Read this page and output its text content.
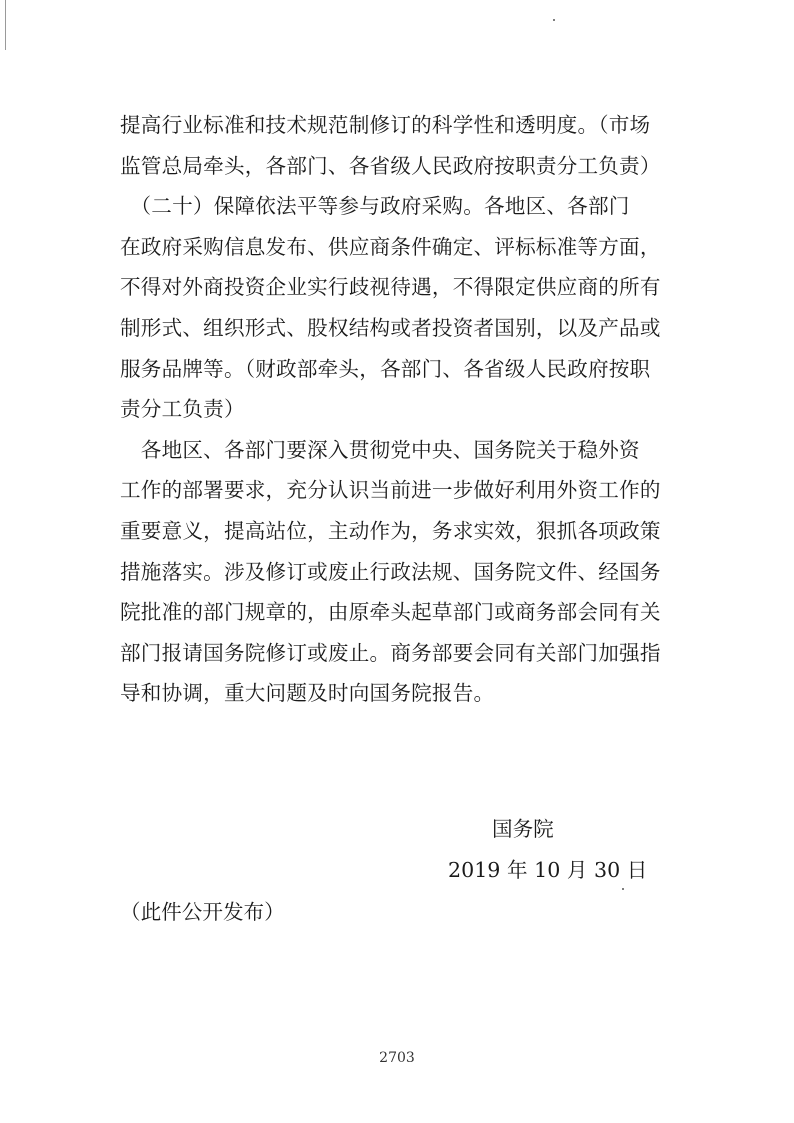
提高行业标准和技术规范制修订的科学性和透明度。（市场
监管总局牵头，各部门、各省级人民政府按职责分工负责）
　（二十）保障依法平等参与政府采购。各地区、各部门
在政府采购信息发布、供应商条件确定、评标标准等方面，
不得对外商投资企业实行歧视待遇，不得限定供应商的所有
制形式、组织形式、股权结构或者投资者国别，以及产品或
服务品牌等。（财政部牵头，各部门、各省级人民政府按职
责分工负责）
　各地区、各部门要深入贯彻党中央、国务院关于稳外资
工作的部署要求，充分认识当前进一步做好利用外资工作的
重要意义，提高站位，主动作为，务求实效，狠抓各项政策
措施落实。涉及修订或废止行政法规、国务院文件、经国务
院批准的部门规章的，由原牵头起草部门或商务部会同有关
部门报请国务院修订或废止。商务部要会同有关部门加强指
导和协调，重大问题及时向国务院报告。
国务院
2019 年 10 月 30 日
（此件公开发布）
2703
